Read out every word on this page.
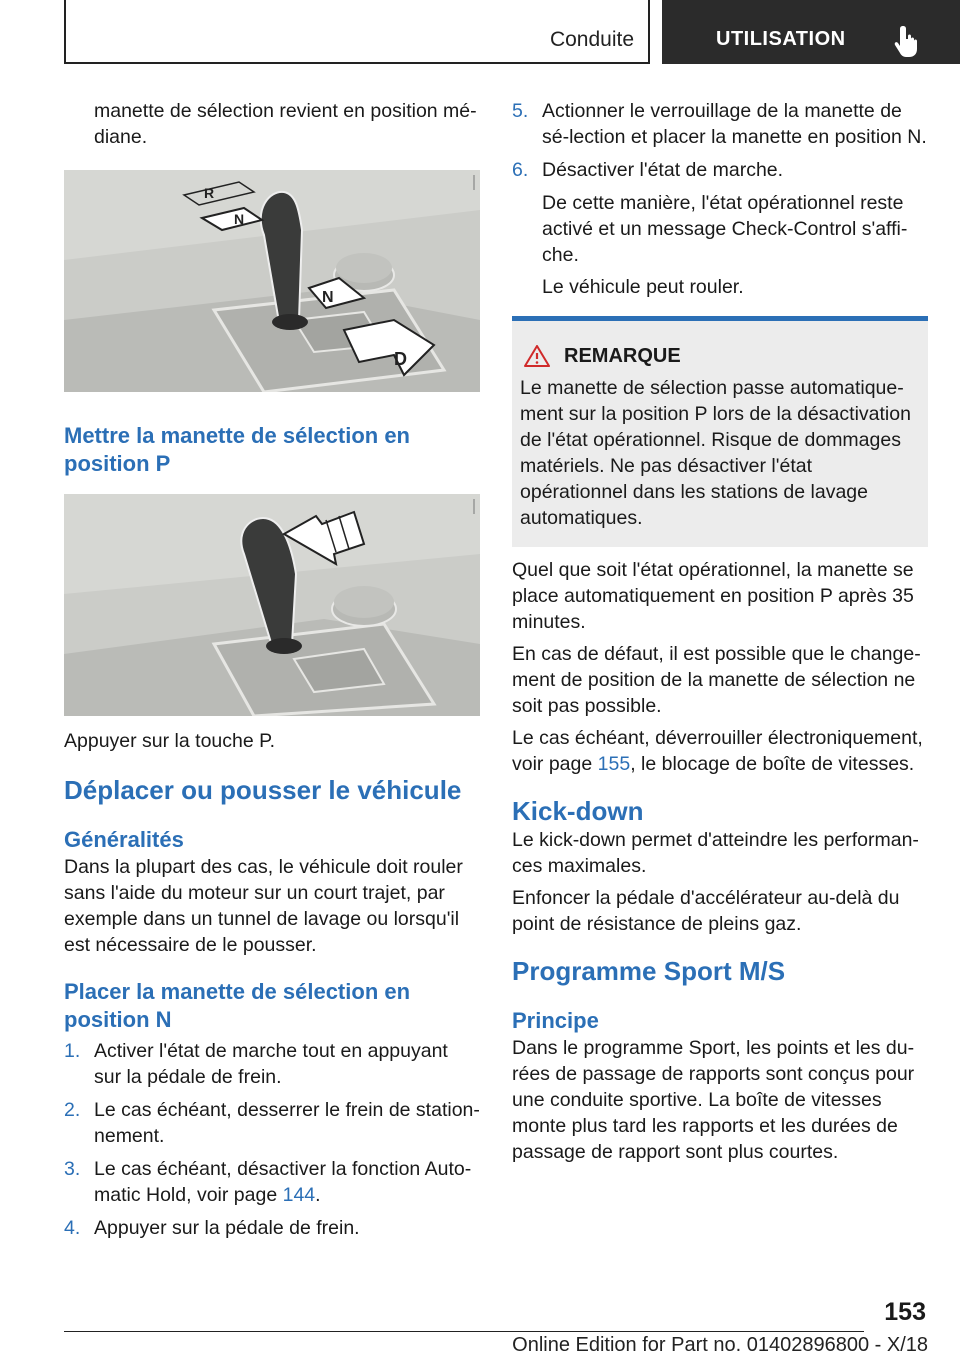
Conduite	UTILISATION

manette de sélection revient en position mé-diane.

R
N
N
D
Mettre la manette de sélection en position P

Appuyer sur la touche P.

Déplacer ou pousser le véhicule
Généralités

Dans la plupart des cas, le véhicule doit rouler sans l'aide du moteur sur un court trajet, par exemple dans un tunnel de lavage ou lorsqu'il est nécessaire de le pousser.

Placer la manette de sélection en position N
1. Activer l'état de marche tout en appuyant sur la pédale de frein.
2. Le cas échéant, desserrer le frein de station-nement.
3. Le cas échéant, désactiver la fonction Auto-matic Hold, voir page 144.
4. Appuyer sur la pédale de frein.
5. Actionner le verrouillage de la manette de sé-lection et placer la manette en position N.
6. Désactiver l'état de marche.

De cette manière, l'état opérationnel reste activé et un message Check-Control s'affi-che.

Le véhicule peut rouler.

REMARQUE

Le manette de sélection passe automatique-ment sur la position P lors de la désactivation de l'état opérationnel. Risque de dommages matériels. Ne pas désactiver l'état opérationnel dans les stations de lavage automatiques.

Quel que soit l'état opérationnel, la manette se place automatiquement en position P après 35 minutes.

En cas de défaut, il est possible que le change-ment de position de la manette de sélection ne soit pas possible.

Le cas échéant, déverrouiller électroniquement, voir page 155, le blocage de boîte de vitesses.

Kick-down

Le kick-down permet d'atteindre les performan-ces maximales.

Enfoncer la pédale d'accélérateur au-delà du point de résistance de pleins gaz.

Programme Sport M/S
Principe

Dans le programme Sport, les points et les du-rées de passage de rapports sont conçus pour une conduite sportive. La boîte de vitesses monte plus tard les rapports et les durées de passage de rapport sont plus courtes.

153
Online Edition for Part no. 01402896800 - X/18
